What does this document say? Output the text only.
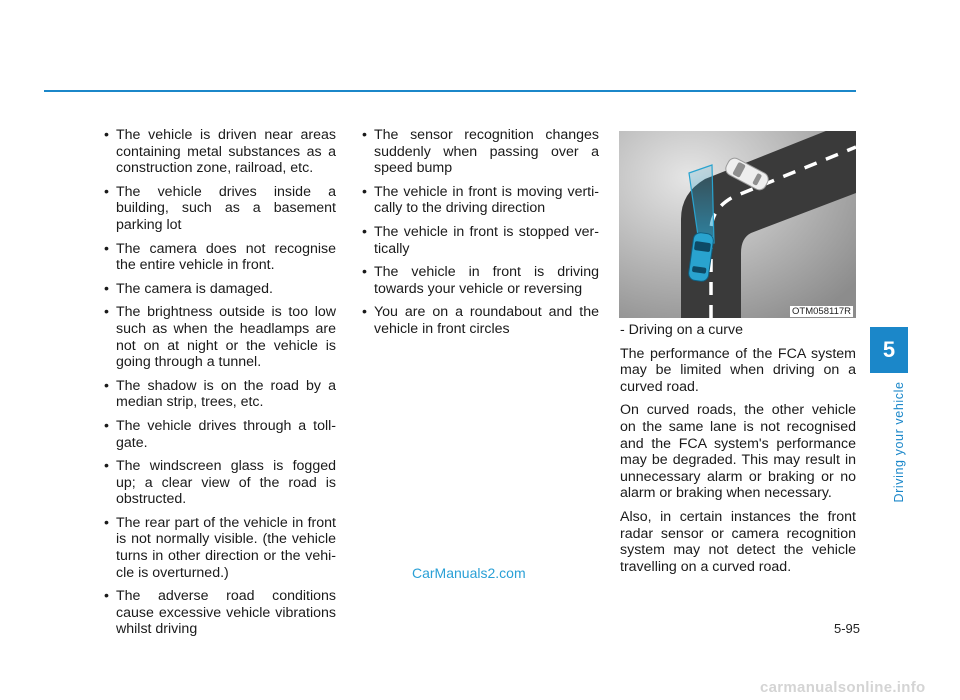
• The vehicle is driven near areas containing metal substances as a construction zone, railroad, etc.
• The vehicle drives inside a building, such as a basement parking lot
• The camera does not recognise the entire vehicle in front.
• The camera is damaged.
• The brightness outside is too low such as when the headlamps are not on at night or the vehicle is going through a tunnel.
• The shadow is on the road by a median strip, trees, etc.
• The vehicle drives through a toll-gate.
• The windscreen glass is fogged up; a clear view of the road is obstructed.
• The rear part of the vehicle in front is not normally visible. (the vehicle turns in other direction or the vehi-cle is overturned.)
• The adverse road conditions cause excessive vehicle vibrations whilst driving
• The sensor recognition changes suddenly when passing over a speed bump
• The vehicle in front is moving verti-cally to the driving direction
• The vehicle in front is stopped ver-tically
• The vehicle in front is driving towards your vehicle or reversing
• You are on a roundabout and the vehicle in front circles
OTM058117R

- Driving on a curve

The performance of the FCA system may be limited when driving on a curved road.

On curved roads, the other vehicle on the same lane is not recognised and the FCA system's performance may be degraded. This may result in unnecessary alarm or braking or no alarm or braking when necessary.

Also, in certain instances the front radar sensor or camera recognition system may not detect the vehicle travelling on a curved road.

5
Driving your vehicle
5-95
CarManuals2.com
carmanualsonline.info
